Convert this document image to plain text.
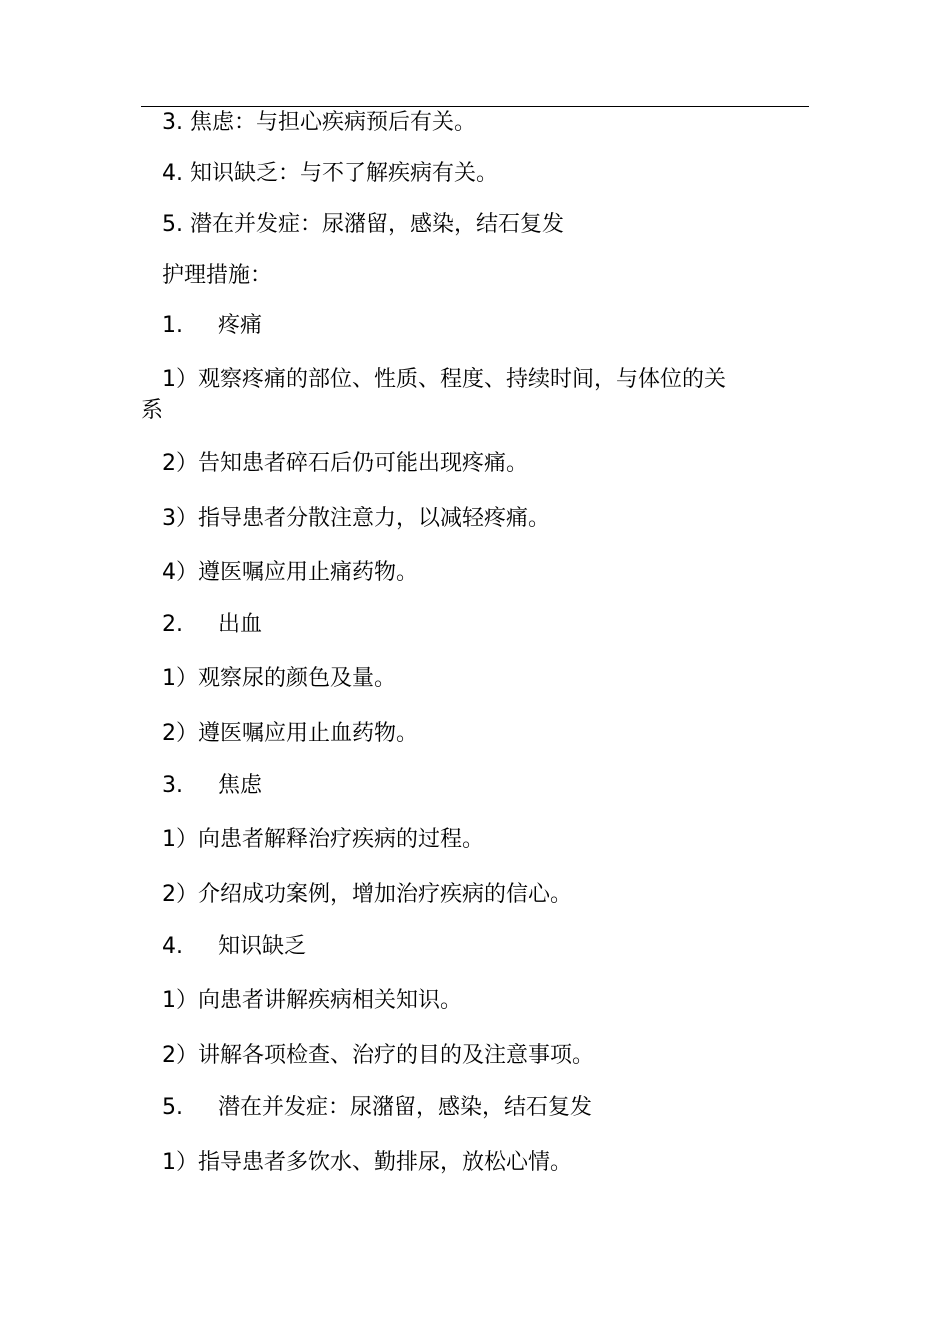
3. 焦虑：与担心疾病预后有关。
4. 知识缺乏：与不了解疾病有关。
5. 潜在并发症：尿潴留，感染，结石复发
护理措施：
1. 疼痛
1）观察疼痛的部位、性质、程度、持续时间，与体位的关
系
2）告知患者碎石后仍可能出现疼痛。
3）指导患者分散注意力，以减轻疼痛。
4）遵医嘱应用止痛药物。
2. 出血
1）观察尿的颜色及量。
2）遵医嘱应用止血药物。
3. 焦虑
1）向患者解释治疗疾病的过程。
2）介绍成功案例，增加治疗疾病的信心。
4. 知识缺乏
1）向患者讲解疾病相关知识。
2）讲解各项检查、治疗的目的及注意事项。
5. 潜在并发症：尿潴留，感染，结石复发
1）指导患者多饮水、勤排尿，放松心情。
